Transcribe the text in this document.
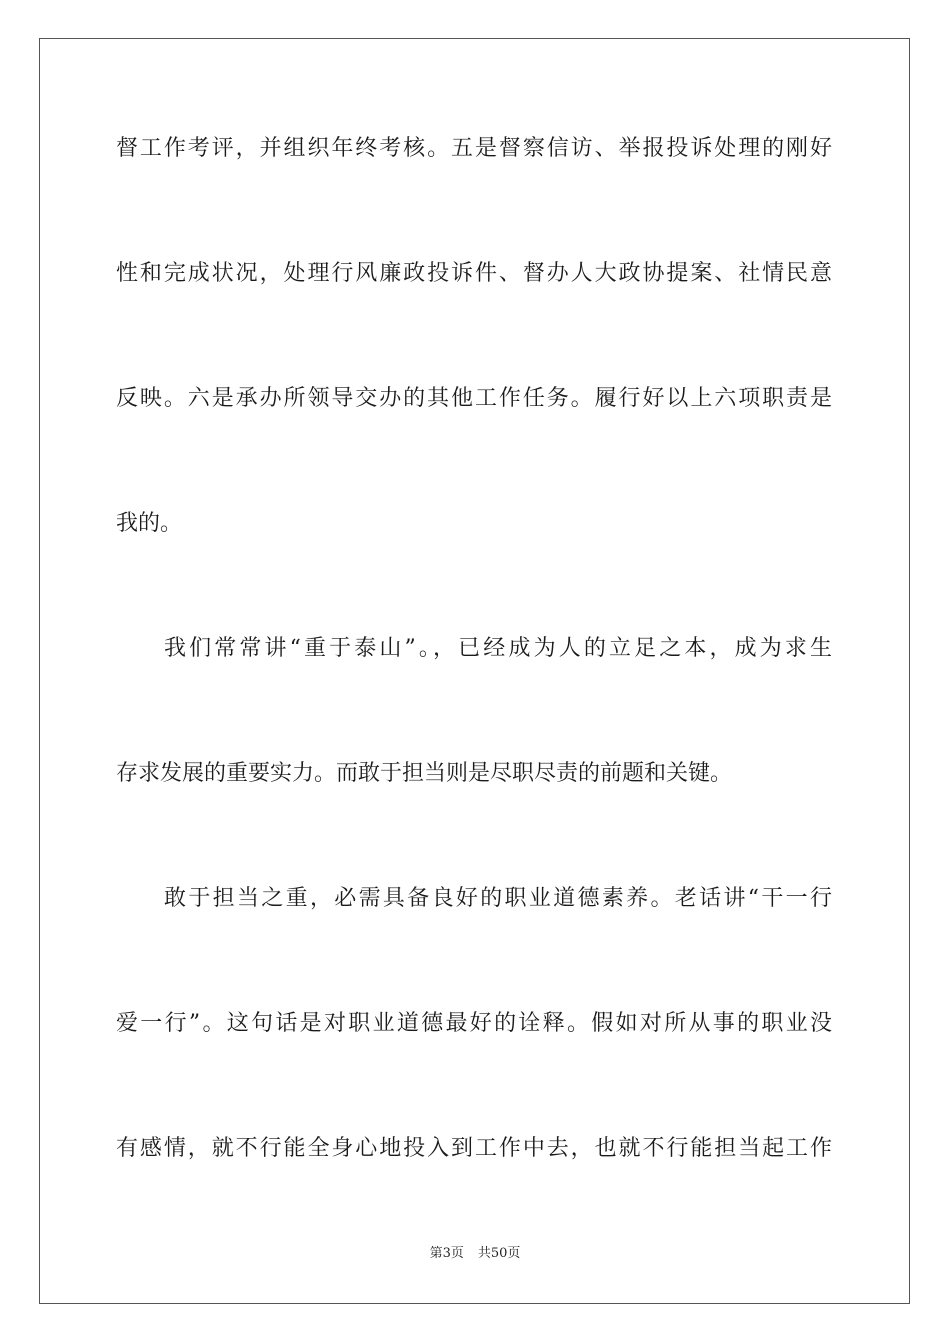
督工作考评，并组织年终考核。五是督察信访、举报投诉处理的刚好

性和完成状况，处理行风廉政投诉件、督办人大政协提案、社情民意

反映。六是承办所领导交办的其他工作任务。履行好以上六项职责是

我的。

我们常常讲“重于泰山”。，已经成为人的立足之本，成为求生

存求发展的重要实力。而敢于担当则是尽职尽责的前题和关键。

敢于担当之重，必需具备良好的职业道德素养。老话讲“干一行

爱一行”。这句话是对职业道德最好的诠释。假如对所从事的职业没

有感情，就不行能全身心地投入到工作中去，也就不行能担当起工作

第3页 共50页
